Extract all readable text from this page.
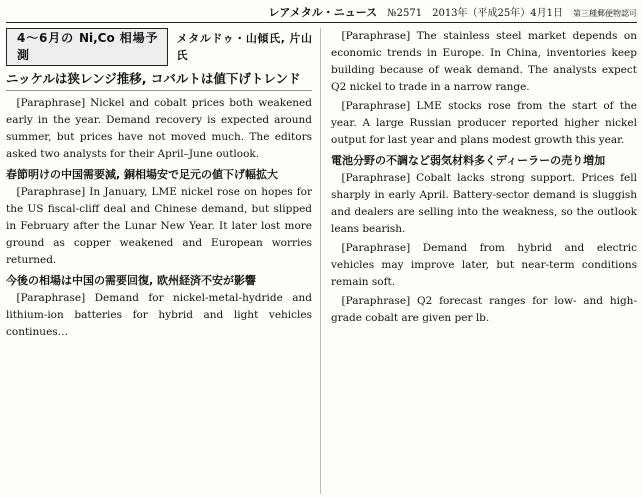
レアメタル・ニュース №2571 2013年（平成25年）4月1日 第三種郵便物認可
4〜6月の Ni,Co 相場予測
メタルドゥ・山傾氏, 片山氏
ニッケルは狭レンジ推移, コバルトは値下げトレンド

[Paraphrase] Nickel and cobalt prices both weakened early in the year. Demand recovery is expected around summer, but prices have not moved much. The editors asked two analysts for their April–June outlook.

春節明けの中国需要減, 銅相場安で足元の値下げ幅拡大

[Paraphrase] In January, LME nickel rose on hopes for the US fiscal-cliff deal and Chinese demand, but slipped in February after the Lunar New Year. It later lost more ground as copper weakened and European worries returned.

今後の相場は中国の需要回復, 欧州経済不安が影響

[Paraphrase] Demand for nickel-metal-hydride and lithium-ion batteries for hybrid and light vehicles continues…

[Paraphrase] The stainless steel market depends on economic trends in Europe. In China, inventories keep building because of weak demand. The analysts expect Q2 nickel to trade in a narrow range.

[Paraphrase] LME stocks rose from the start of the year. A large Russian producer reported higher nickel output for last year and plans modest growth this year.

電池分野の不調など弱気材料多くディーラーの売り増加

[Paraphrase] Cobalt lacks strong support. Prices fell sharply in early April. Battery-sector demand is sluggish and dealers are selling into the weakness, so the outlook leans bearish.

[Paraphrase] Demand from hybrid and electric vehicles may improve later, but near-term conditions remain soft.

[Paraphrase] Q2 forecast ranges for low- and high-grade cobalt are given per lb.
